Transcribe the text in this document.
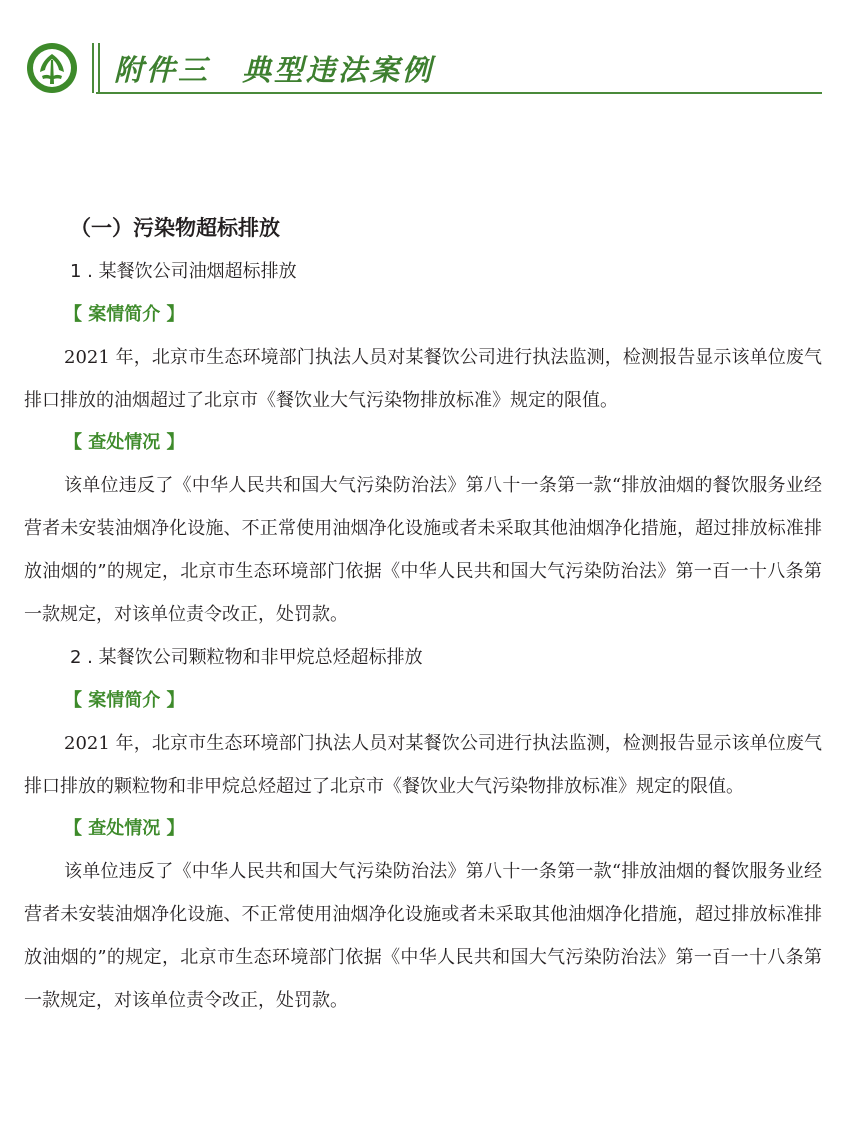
附件三　典型违法案例

（一）污染物超标排放

1 . 某餐饮公司油烟超标排放

【 案情简介 】

2021 年，北京市生态环境部门执法人员对某餐饮公司进行执法监测，检测报告显示该单位废气排口排放的油烟超过了北京市《餐饮业大气污染物排放标准》规定的限值。

【 查处情况 】

该单位违反了《中华人民共和国大气污染防治法》第八十一条第一款“排放油烟的餐饮服务业经营者未安装油烟净化设施、不正常使用油烟净化设施或者未采取其他油烟净化措施，超过排放标准排放油烟的”的规定，北京市生态环境部门依据《中华人民共和国大气污染防治法》第一百一十八条第一款规定，对该单位责令改正，处罚款。

2 . 某餐饮公司颗粒物和非甲烷总烃超标排放

【 案情简介 】

2021 年，北京市生态环境部门执法人员对某餐饮公司进行执法监测，检测报告显示该单位废气排口排放的颗粒物和非甲烷总烃超过了北京市《餐饮业大气污染物排放标准》规定的限值。

【 查处情况 】

该单位违反了《中华人民共和国大气污染防治法》第八十一条第一款“排放油烟的餐饮服务业经营者未安装油烟净化设施、不正常使用油烟净化设施或者未采取其他油烟净化措施，超过排放标准排放油烟的”的规定，北京市生态环境部门依据《中华人民共和国大气污染防治法》第一百一十八条第一款规定，对该单位责令改正，处罚款。
